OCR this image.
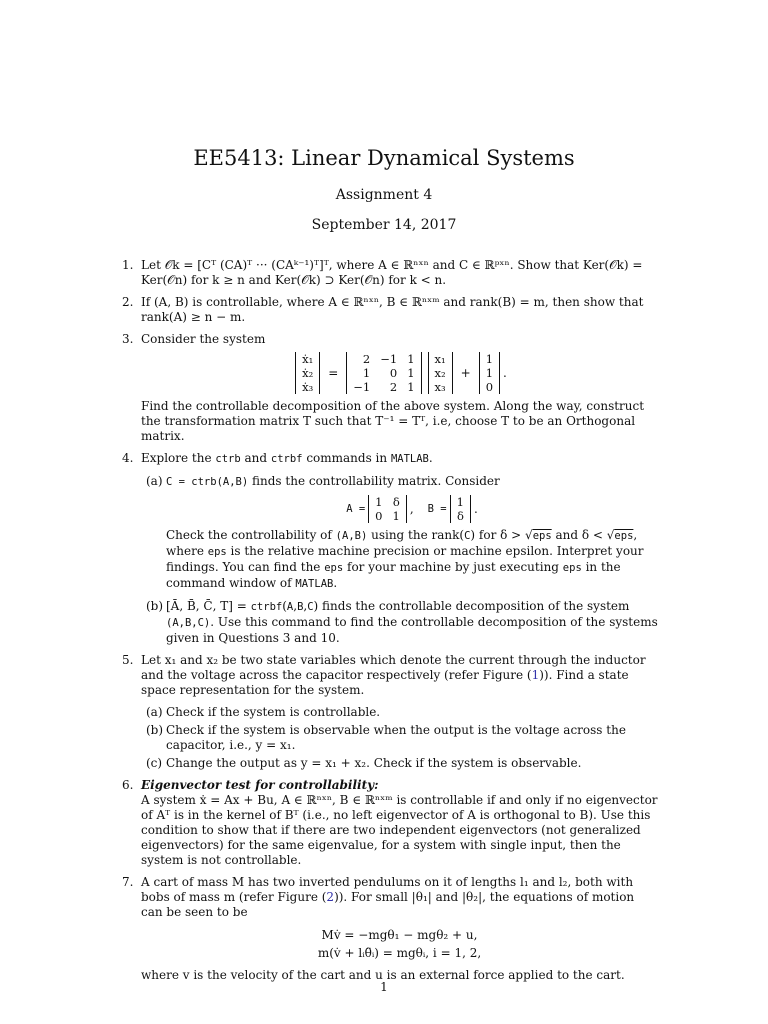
EE5413: Linear Dynamical Systems
Assignment 4
September 14, 2017
1. Let 𝒪k = [Cᵀ (CA)ᵀ ··· (CAᵏ⁻¹)ᵀ]ᵀ, where A ∈ ℝⁿˣⁿ and C ∈ ℝᵖˣⁿ. Show that Ker(𝒪k) = Ker(𝒪n) for k ≥ n and Ker(𝒪k) ⊃ Ker(𝒪n) for k < n.

2. If (A, B) is controllable, where A ∈ ℝⁿˣⁿ, B ∈ ℝⁿˣᵐ and rank(B) = m, then show that rank(A) ≥ n − m.

3. Consider the system

ẋ₁
ẋ₂
ẋ₃
=
2 −1 1
1	0 1
−1	2 1
x₁
x₂
x₃
+
1
1
0
.

Find the controllable decomposition of the above system. Along the way, construct the transformation matrix T such that T⁻¹ = Tᵀ, i.e, choose T to be an Orthogonal matrix.

4. Explore the ctrb and ctrbf commands in MATLAB.

(a) C = ctrb(A,B) finds the controllability matrix. Consider

A = 1 δ
0 1
, B = 1
δ
.

Check the controllability of (A,B) using the rank(C) for δ > √eps and δ < √eps, where eps is the relative machine precision or machine epsilon. Interpret your findings. You can find the eps for your machine by just executing eps in the command window of MATLAB.

(b) [Ā, B̄, C̄, T] = ctrbf(A,B,C) finds the controllable decomposition of the system (A,B,C). Use this command to find the controllable decomposition of the systems given in Questions 3 and 10.

5. Let x₁ and x₂ be two state variables which denote the current through the inductor and the voltage across the capacitor respectively (refer Figure (1)). Find a state space representation for the system.

(a) Check if the system is controllable.

(b) Check if the system is observable when the output is the voltage across the capacitor, i.e., y = x₁.

(c) Change the output as y = x₁ + x₂. Check if the system is observable.

6. Eigenvector test for controllability:

A system ẋ = Ax + Bu, A ∈ ℝⁿˣⁿ, B ∈ ℝⁿˣᵐ is controllable if and only if no eigenvector of Aᵀ is in the kernel of Bᵀ (i.e., no left eigenvector of A is orthogonal to B). Use this condition to show that if there are two independent eigenvectors (not generalized eigenvectors) for the same eigenvalue, for a system with single input, then the system is not controllable.

7. A cart of mass M has two inverted pendulums on it of lengths l₁ and l₂, both with bobs of mass m (refer Figure (2)). For small |θ₁| and |θ₂|, the equations of motion can be seen to be

Mv̇ = −mgθ₁ − mgθ₂ + u,
m(v̇ + lᵢθ̈ᵢ) = mgθᵢ, i = 1, 2,

where v is the velocity of the cart and u is an external force applied to the cart.

1
